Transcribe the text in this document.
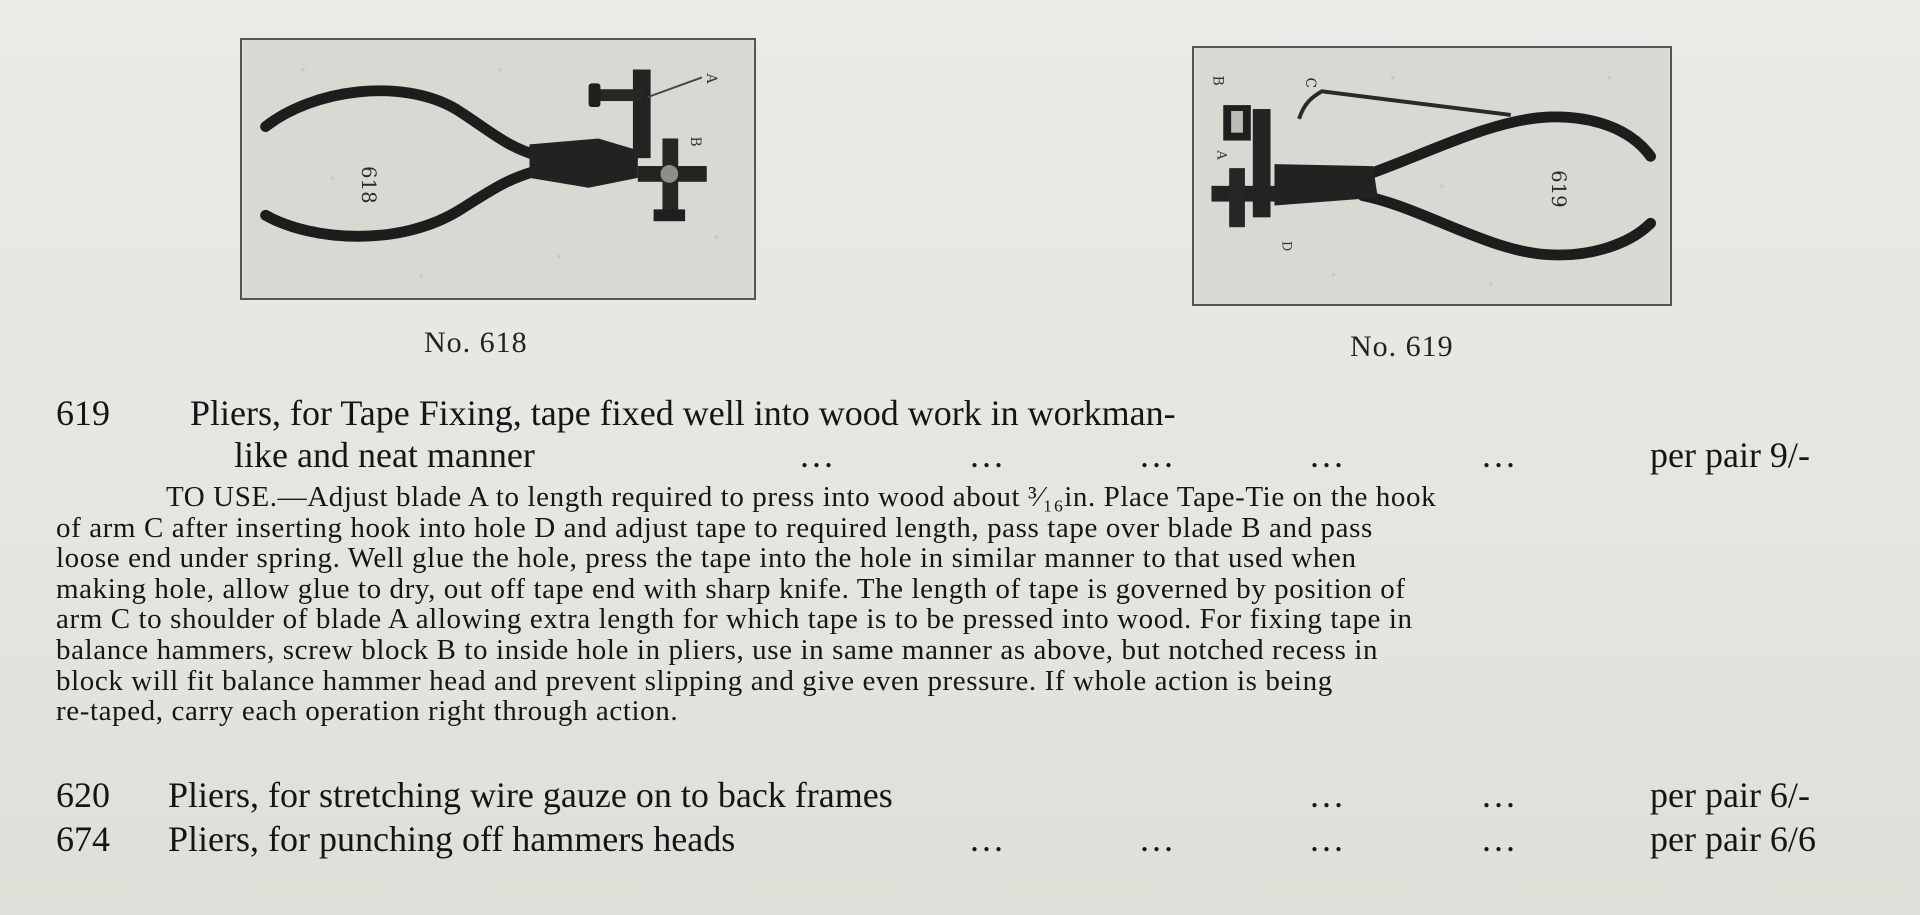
A
B
618
No. 618
B	C
A
D
619
No. 619
619 Pliers, for Tape Fixing, tape fixed well into wood work in workman-
like and neat manner	...	...	...	...	...	per pair 9/-
TO USE.—Adjust blade A to length required to press into wood about ³⁄₁₆in. Place Tape-Tie on the hook
of arm C after inserting hook into hole D and adjust tape to required length, pass tape over blade B and pass
loose end under spring. Well glue the hole, press the tape into the hole in similar manner to that used when
making hole, allow glue to dry, out off tape end with sharp knife. The length of tape is governed by position of
arm C to shoulder of blade A allowing extra length for which tape is to be pressed into wood. For fixing tape in
balance hammers, screw block B to inside hole in pliers, use in same manner as above, but notched recess in
block will fit balance hammer head and prevent slipping and give even pressure. If whole action is being
re-taped, carry each operation right through action.
620 Pliers, for stretching wire gauze on to back frames	...	...	per pair 6/-
674 Pliers, for punching off hammers heads	...	...	...	...	per pair 6/6
